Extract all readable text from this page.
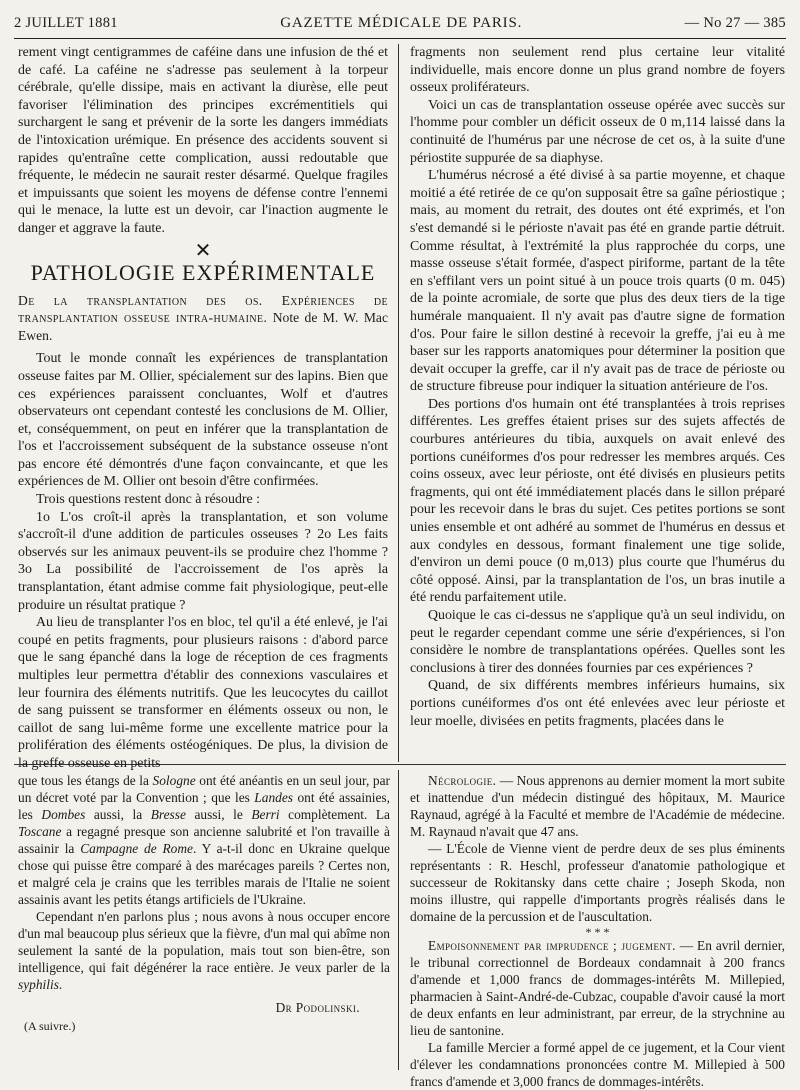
2 JUILLET 1881	GAZETTE MÉDICALE DE PARIS.	— No 27 — 385

rement vingt centigrammes de caféine dans une infusion de thé et de café. La caféine ne s'adresse pas seulement à la torpeur cérébrale, qu'elle dissipe, mais en activant la diurèse, elle peut favoriser l'élimination des principes excrémentitiels qui surchargent le sang et prévenir de la sorte les dangers immédiats de l'intoxication urémique. En présence des accidents souvent si rapides qu'entraîne cette complication, aussi redoutable que fréquente, le médecin ne saurait rester désarmé. Quelque fragiles et impuissants que soient les moyens de défense contre l'ennemi qui le menace, la lutte est un devoir, car l'inaction augmente le danger et aggrave la faute.

✕
PATHOLOGIE EXPÉRIMENTALE

De la transplantation des os. Expériences de transplantation osseuse intra-humaine. Note de M. W. Mac Ewen.

Tout le monde connaît les expériences de transplantation osseuse faites par M. Ollier, spécialement sur des lapins. Bien que ces expériences paraissent concluantes, Wolf et d'autres observateurs ont cependant contesté les conclusions de M. Ollier, et, conséquemment, on peut en inférer que la transplantation de l'os et l'accroissement subséquent de la substance osseuse n'ont pas encore été démontrés d'une façon convaincante, et que les expériences de M. Ollier ont besoin d'être confirmées.

Trois questions restent donc à résoudre :

1o L'os croît-il après la transplantation, et son volume s'accroît-il d'une addition de particules osseuses ? 2o Les faits observés sur les animaux peuvent-ils se produire chez l'homme ? 3o La possibilité de l'accroissement de l'os après la transplantation, étant admise comme fait physiologique, peut-elle produire un résultat pratique ?

Au lieu de transplanter l'os en bloc, tel qu'il a été enlevé, je l'ai coupé en petits fragments, pour plusieurs raisons : d'abord parce que le sang épanché dans la loge de réception de ces fragments multiples leur permettra d'établir des connexions vasculaires et leur fournira des éléments nutritifs. Que les leucocytes du caillot de sang puissent se transformer en éléments osseux ou non, le caillot de sang lui-même forme une excellente matrice pour la prolifération des éléments ostéogéniques. De plus, la division de la greffe osseuse en petits

fragments non seulement rend plus certaine leur vitalité individuelle, mais encore donne un plus grand nombre de foyers osseux prolifératеurs.

Voici un cas de transplantation osseuse opérée avec succès sur l'homme pour combler un déficit osseux de 0 m,114 laissé dans la continuité de l'humérus par une nécrose de cet os, à la suite d'une périostite suppurée de sa diaphyse.

L'humérus nécrosé a été divisé à sa partie moyenne, et chaque moitié a été retirée de ce qu'on supposait être sa gaîne périostique ; mais, au moment du retrait, des doutes ont été exprimés, et l'on s'est demandé si le périoste n'avait pas été en grande partie détruit. Comme résultat, à l'extrémité la plus rapprochée du corps, une masse osseuse s'était formée, d'aspect piriforme, partant de la tête en s'effilant vers un point situé à un pouce trois quarts (0 m. 045) de la pointe acromiale, de sorte que plus des deux tiers de la tige humérale manquaient. Il n'y avait pas d'autre signe de formation d'os. Pour faire le sillon destiné à recevoir la greffe, j'ai eu à me baser sur les rapports anatomiques pour déterminer la position que devait occuper la greffe, car il n'y avait pas de trace de périoste ou de structure fibreuse pour indiquer la situation antérieure de l'os.

Des portions d'os humain ont été transplantées à trois reprises différentes. Les greffes étaient prises sur des sujets affectés de courbures antérieures du tibia, auxquels on avait enlevé des portions cunéiformes d'os pour redresser les membres arqués. Ces coins osseux, avec leur périoste, ont été divisés en plusieurs petits fragments, qui ont été immédiatement placés dans le sillon préparé pour les recevoir dans le bras du sujet. Ces petites portions se sont unies ensemble et ont adhéré au sommet de l'humérus en dessus et aux condyles en dessous, formant finalement une tige solide, d'environ un demi pouce (0 m,013) plus courte que l'humérus du côté opposé. Ainsi, par la transplantation de l'os, un bras inutile a été rendu parfaitement utile.

Quoique le cas ci-dessus ne s'applique qu'à un seul individu, on peut le regarder cependant comme une série d'expériences, si l'on considère le nombre de transplantations opérées. Quelles sont les conclusions à tirer des données fournies par ces expériences ?

Quand, de six différents membres inférieurs humains, six portions cunéiformes d'os ont été enlevées avec leur périoste et leur moelle, divisées en petits fragments, placées dans le

que tous les étangs de la Sologne ont été anéantis en un seul jour, par un décret voté par la Convention ; que les Landes ont été assainies, les Dombes aussi, la Bresse aussi, le Berri complètement. La Toscane a regagné presque son ancienne salubrité et l'on travaille à assainir la Campagne de Rome. Y a-t-il donc en Ukraine quelque chose qui puisse être comparé à des marécages pareils ? Certes non, et malgré cela je crains que les terribles marais de l'Italie ne soient assainis avant les petits étangs artificiels de l'Ukraine.

Cependant n'en parlons plus ; nous avons à nous occuper encore d'un mal beaucoup plus sérieux que la fièvre, d'un mal qui abîme non seulement la santé de la population, mais tout son bien-être, son intelligence, qui fait dégénérer la race entière. Je veux parler de la syphilis.

Dr Podolinski.
(A suivre.)

Nécrologie. — Nous apprenons au dernier moment la mort subite et inattendue d'un médecin distingué des hôpitaux, M. Maurice Raynaud, agrégé à la Faculté et membre de l'Académie de médecine. M. Raynaud n'avait que 47 ans.

— L'École de Vienne vient de perdre deux de ses plus éminents représentants : R. Heschl, professeur d'anatomie pathologique et successeur de Rokitansky dans cette chaire ; Joseph Skoda, non moins illustre, qui rappelle d'importants progrès réalisés dans le domaine de la percussion et de l'auscultation.

* * *

Empoisonnement par imprudence ; jugement. — En avril dernier, le tribunal correctionnel de Bordeaux condamnait à 200 francs d'amende et 1,000 francs de dommages-intérêts M. Millepied, pharmacien à Saint-André-de-Cubzac, coupable d'avoir causé la mort de deux enfants en leur administrant, par erreur, de la strychnine au lieu de santonine.

La famille Mercier a formé appel de ce jugement, et la Cour vient d'élever les condamnations prononcées contre M. Millepied à 500 francs d'amende et 3,000 francs de dommages-intérêts.
